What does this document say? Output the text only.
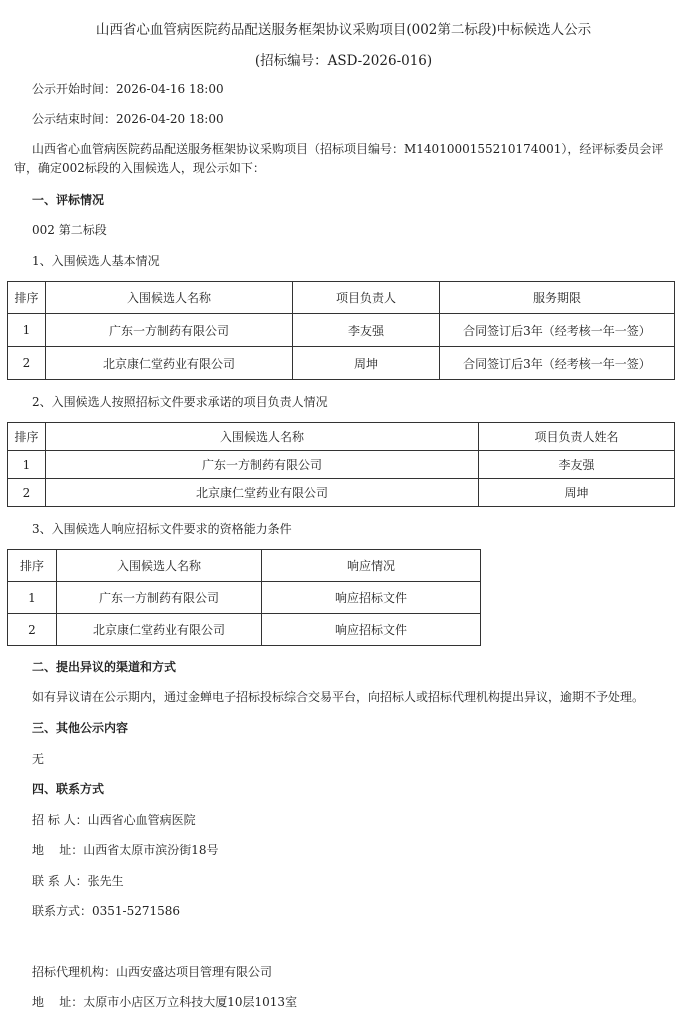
山西省心血管病医院药品配送服务框架协议采购项目(002第二标段)中标候选人公示
(招标编号：ASD-2026-016)
公示开始时间：2026-04-16 18:00
公示结束时间：2026-04-20 18:00
山西省心血管病医院药品配送服务框架协议采购项目（招标项目编号：M1401000155210174001），经评标委员会评审，确定002标段的入围候选人，现公示如下：
一、评标情况
002 第二标段
1、入围候选人基本情况
排序	入围候选人名称	项目负责人	服务期限
1	广东一方制药有限公司	李友强	合同签订后3年（经考核一年一签）
2	北京康仁堂药业有限公司	周坤	合同签订后3年（经考核一年一签）
2、入围候选人按照招标文件要求承诺的项目负责人情况
排序	入围候选人名称	项目负责人姓名
1	广东一方制药有限公司	李友强
2	北京康仁堂药业有限公司	周坤
3、入围候选人响应招标文件要求的资格能力条件
排序	入围候选人名称	响应情况
1	广东一方制药有限公司	响应招标文件
2	北京康仁堂药业有限公司	响应招标文件
二、提出异议的渠道和方式
如有异议请在公示期内，通过金蝉电子招标投标综合交易平台，向招标人或招标代理机构提出异议，逾期不予处理。
三、其他公示内容
无
四、联系方式
招 标 人：山西省心血管病医院
地    址：山西省太原市滨汾街18号
联 系 人：张先生
联系方式：0351-5271586
招标代理机构：山西安盛达项目管理有限公司
地    址：太原市小店区万立科技大厦10层1013室
